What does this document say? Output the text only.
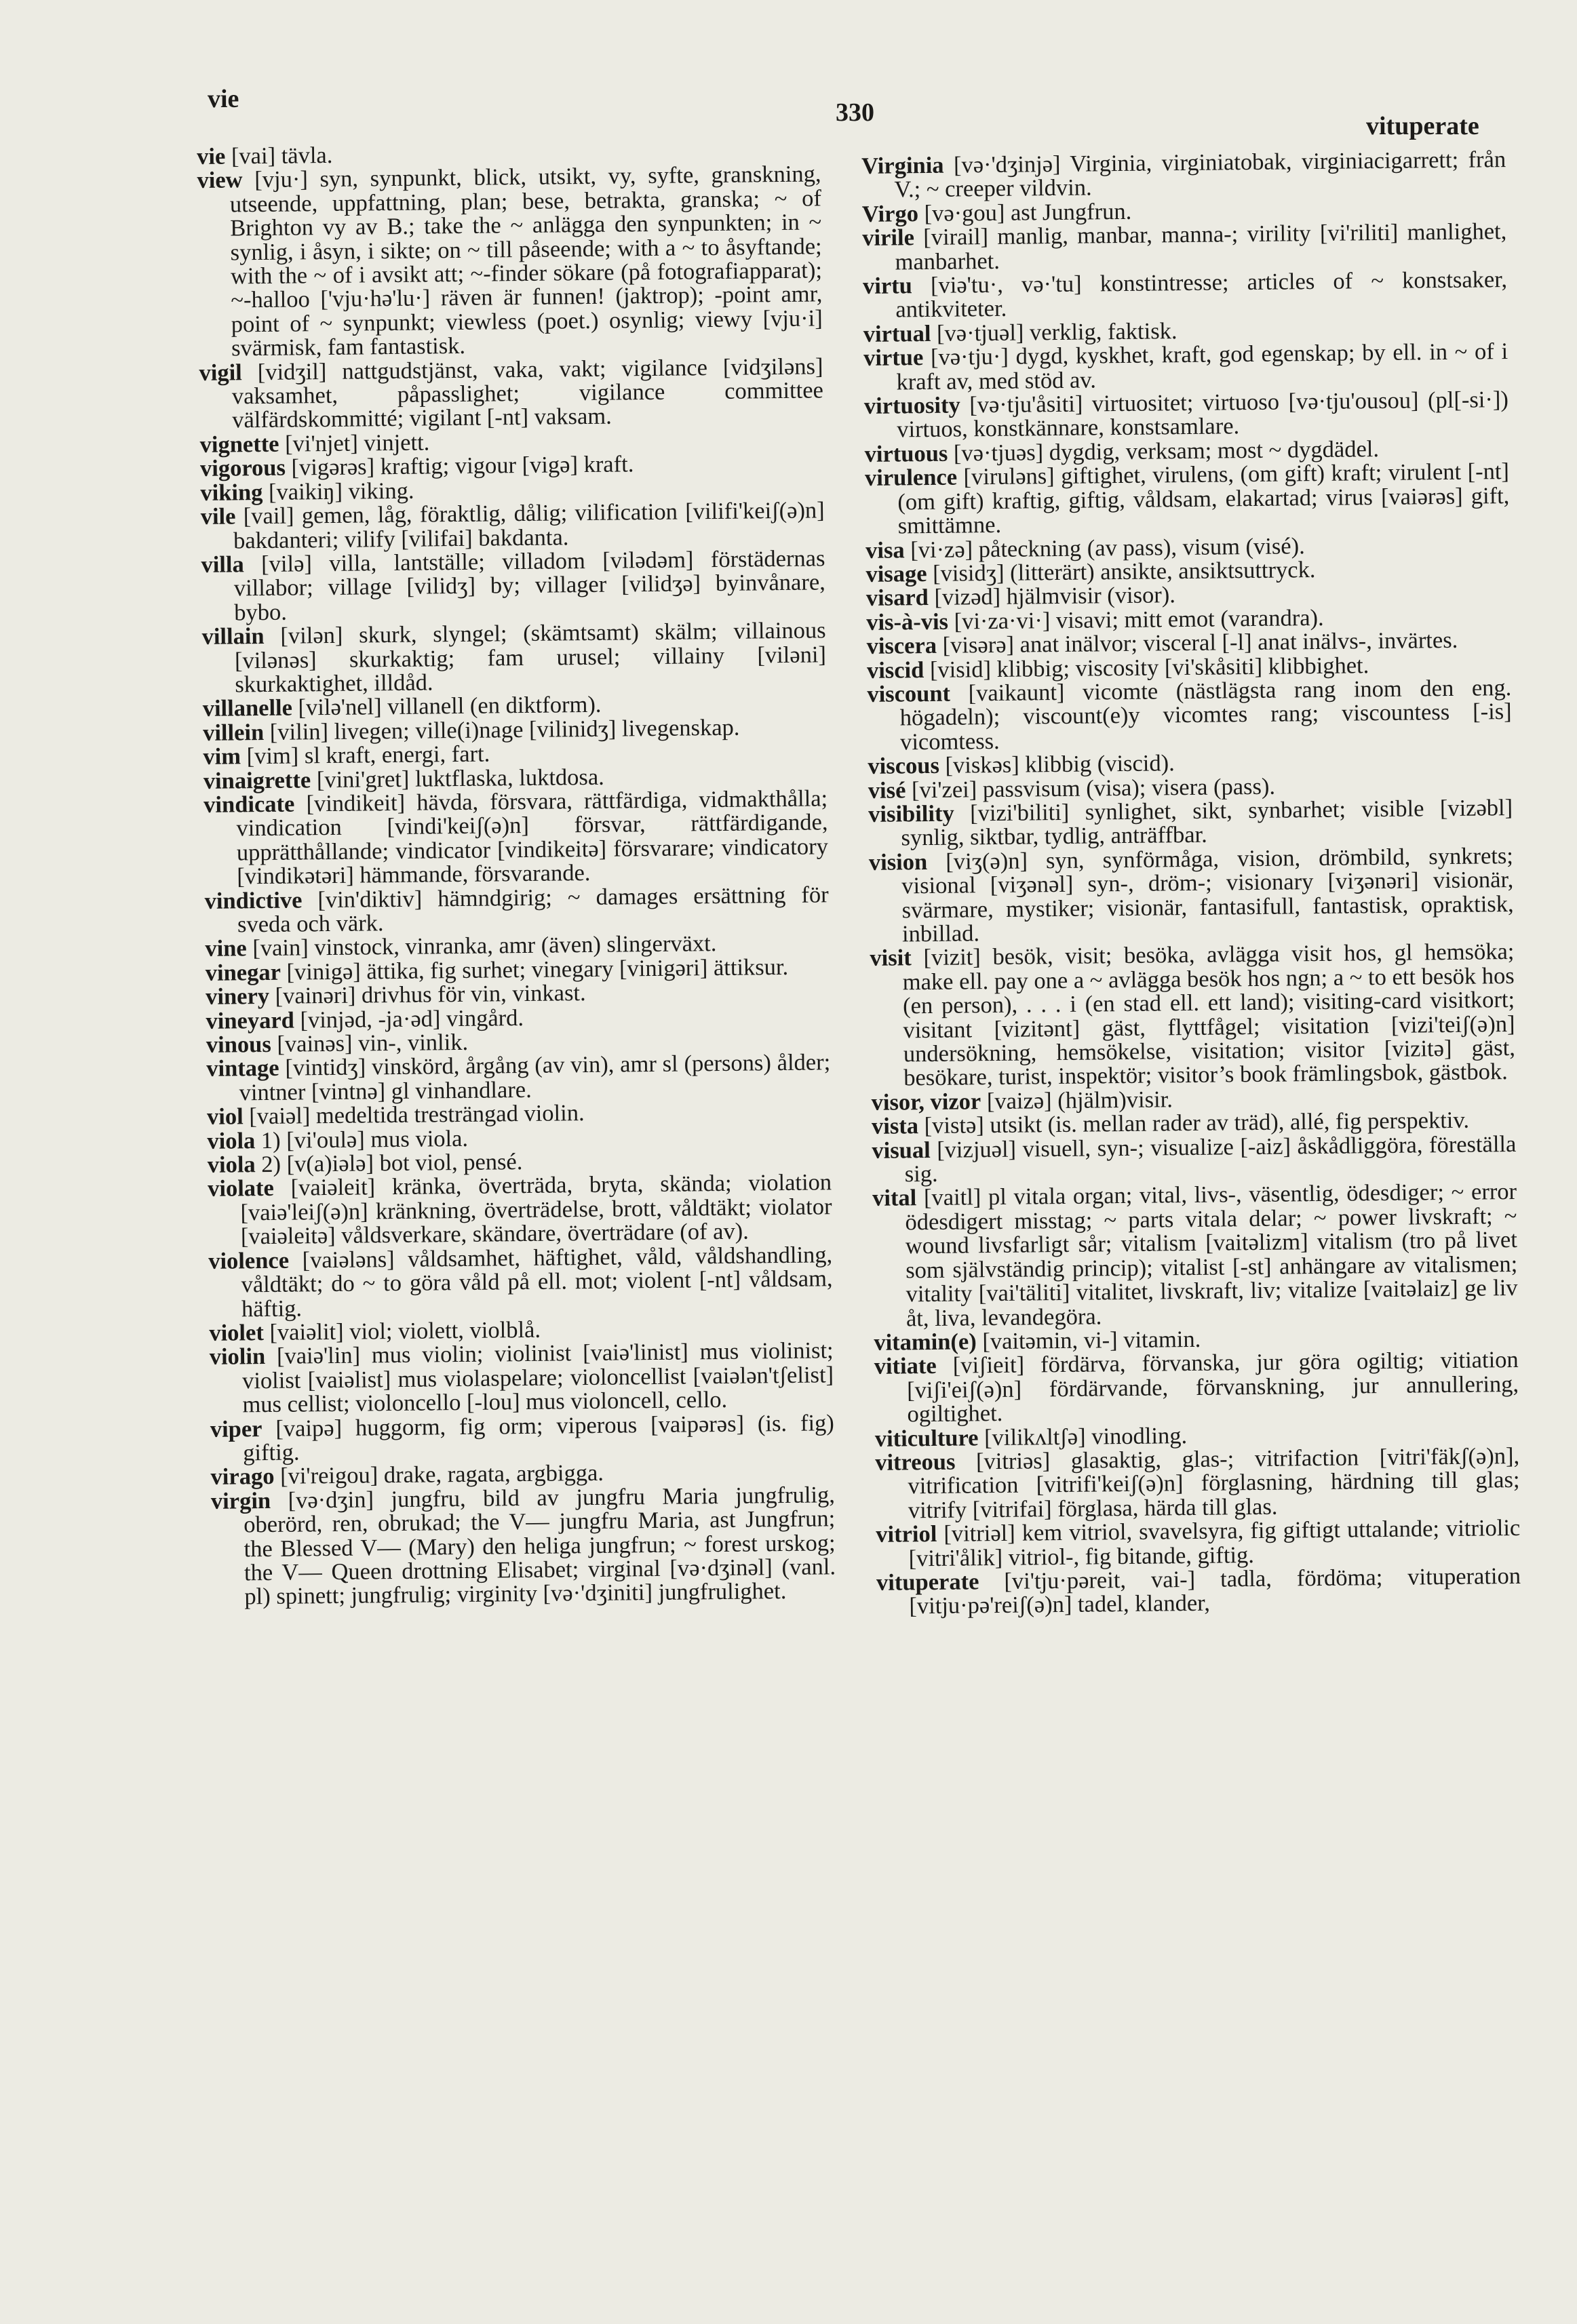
vie	330	vituperate

vie [vai] tävla.

view [vju·] syn, synpunkt, blick, utsikt, vy, syfte, granskning, utseende, uppfattning, plan; bese, betrakta, granska; ~ of Brighton vy av B.; take the ~ anlägga den synpunkten; in ~ synlig, i åsyn, i sikte; on ~ till påseende; with a ~ to åsyftande; with the ~ of i avsikt att; ~-finder sökare (på fotografiapparat); ~-halloo ['vju·hə'lu·] räven är funnen! (jaktrop); -point amr, point of ~ synpunkt; viewless (poet.) osynlig; viewy [vju·i] svärmisk, fam fantastisk.

vigil [vidʒil] nattgudstjänst, vaka, vakt; vigilance [vidʒiləns] vaksamhet, påpasslighet; vigilance committee välfärdskommitté; vigilant [-nt] vaksam.

vignette [vi'njet] vinjett.

vigorous [vigərəs] kraftig; vigour [vigə] kraft.

viking [vaikiŋ] viking.

vile [vail] gemen, låg, föraktlig, dålig; vilification [vilifi'keiʃ(ə)n] bakdanteri; vilify [vilifai] bakdanta.

villa [vilə] villa, lantställe; villadom [vilədəm] förstädernas villabor; village [vilidʒ] by; villager [vilidʒə] byinvånare, bybo.

villain [vilən] skurk, slyngel; (skämtsamt) skälm; villainous [vilənəs] skurkaktig; fam urusel; villainy [viləni] skurkaktighet, illdåd.

villanelle [vilə'nel] villanell (en diktform).

villein [vilin] livegen; ville(i)nage [vilinidʒ] livegenskap.

vim [vim] sl kraft, energi, fart.

vinaigrette [vini'gret] luktflaska, luktdosa.

vindicate [vindikeit] hävda, försvara, rättfärdiga, vidmakthålla; vindication [vindi'keiʃ(ə)n] försvar, rättfärdigande, upprätthållande; vindicator [vindikeitə] försvarare; vindicatory [vindikətəri] hämmande, försvarande.

vindictive [vin'diktiv] hämndgirig; ~ damages ersättning för sveda och värk.

vine [vain] vinstock, vinranka, amr (även) slingerväxt.

vinegar [vinigə] ättika, fig surhet; vinegary [vinigəri] ättiksur.

vinery [vainəri] drivhus för vin, vinkast.

vineyard [vinjəd, -ja·əd] vingård.

vinous [vainəs] vin-, vinlik.

vintage [vintidʒ] vinskörd, årgång (av vin), amr sl (persons) ålder; vintner [vintnə] gl vinhandlare.

viol [vaiəl] medeltida tresträngad violin.

viola 1) [vi'oulə] mus viola.

viola 2) [v(a)iələ] bot viol, pensé.

violate [vaiəleit] kränka, överträda, bryta, skända; violation [vaiə'leiʃ(ə)n] kränkning, överträdelse, brott, våldtäkt; violator [vaiəleitə] våldsverkare, skändare, överträdare (of av).

violence [vaiələns] våldsamhet, häftighet, våld, våldshandling, våldtäkt; do ~ to göra våld på ell. mot; violent [-nt] våldsam, häftig.

violet [vaiəlit] viol; violett, violblå.

violin [vaiə'lin] mus violin; violinist [vaiə'linist] mus violinist; violist [vaiəlist] mus violaspelare; violoncellist [vaiələn'tʃelist] mus cellist; violoncello [-lou] mus violoncell, cello.

viper [vaipə] huggorm, fig orm; viperous [vaipərəs] (is. fig) giftig.

virago [vi'reigou] drake, ragata, argbigga.

virgin [və·dʒin] jungfru, bild av jungfru Maria jungfrulig, oberörd, ren, obrukad; the V— jungfru Maria, ast Jungfrun; the Blessed V— (Mary) den heliga jungfrun; ~ forest urskog; the V— Queen drottning Elisabet; virginal [və·dʒinəl] (vanl. pl) spinett; jungfrulig; virginity [və·'dʒiniti] jungfrulighet.

Virginia [və·'dʒinjə] Virginia, virginiatobak, virginiacigarrett; från V.; ~ creeper vildvin.

Virgo [və·gou] ast Jungfrun.

virile [virail] manlig, manbar, manna-; virility [vi'riliti] manlighet, manbarhet.

virtu [viə'tu·, və·'tu] konstintresse; articles of ~ konstsaker, antikviteter.

virtual [və·tjuəl] verklig, faktisk.

virtue [və·tju·] dygd, kyskhet, kraft, god egenskap; by ell. in ~ of i kraft av, med stöd av.

virtuosity [və·tju'åsiti] virtuositet; virtuoso [və·tju'ousou] (pl[-si·]) virtuos, konstkännare, konstsamlare.

virtuous [və·tjuəs] dygdig, verksam; most ~ dygdädel.

virulence [viruləns] giftighet, virulens, (om gift) kraft; virulent [-nt] (om gift) kraftig, giftig, våldsam, elakartad; virus [vaiərəs] gift, smittämne.

visa [vi·zə] påteckning (av pass), visum (visé).

visage [visidʒ] (litterärt) ansikte, ansiktsuttryck.

visard [vizəd] hjälmvisir (visor).

vis-à-vis [vi·za·vi·] visavi; mitt emot (varandra).

viscera [visərə] anat inälvor; visceral [-l] anat inälvs-, invärtes.

viscid [visid] klibbig; viscosity [vi'skåsiti] klibbighet.

viscount [vaikaunt] vicomte (nästlägsta rang inom den eng. högadeln); viscount(e)y vicomtes rang; viscountess [-is] vicomtess.

viscous [viskəs] klibbig (viscid).

visé [vi'zei] passvisum (visa); visera (pass).

visibility [vizi'biliti] synlighet, sikt, synbarhet; visible [vizəbl] synlig, siktbar, tydlig, anträffbar.

vision [viʒ(ə)n] syn, synförmåga, vision, drömbild, synkrets; visional [viʒənəl] syn-, dröm-; visionary [viʒənəri] visionär, svärmare, mystiker; visionär, fantasifull, fantastisk, opraktisk, inbillad.

visit [vizit] besök, visit; besöka, avlägga visit hos, gl hemsöka; make ell. pay one a ~ avlägga besök hos ngn; a ~ to ett besök hos (en person), . . . i (en stad ell. ett land); visiting-card visitkort; visitant [vizitənt] gäst, flyttfågel; visitation [vizi'teiʃ(ə)n] undersökning, hemsökelse, visitation; visitor [vizitə] gäst, besökare, turist, inspektör; visitor’s book främlingsbok, gästbok.

visor, vizor [vaizə] (hjälm)visir.

vista [vistə] utsikt (is. mellan rader av träd), allé, fig perspektiv.

visual [vizjuəl] visuell, syn-; visualize [-aiz] åskådliggöra, föreställa sig.

vital [vaitl] pl vitala organ; vital, livs-, väsentlig, ödesdiger; ~ error ödesdigert misstag; ~ parts vitala delar; ~ power livskraft; ~ wound livsfarligt sår; vitalism [vaitəlizm] vitalism (tro på livet som självständig princip); vitalist [-st] anhängare av vitalismen; vitality [vai'täliti] vitalitet, livskraft, liv; vitalize [vaitəlaiz] ge liv åt, liva, levandegöra.

vitamin(e) [vaitəmin, vi-] vitamin.

vitiate [viʃieit] fördärva, förvanska, jur göra ogiltig; vitiation [viʃi'eiʃ(ə)n] fördärvande, förvanskning, jur annullering, ogiltighet.

viticulture [vilikʌltʃə] vinodling.

vitreous [vitriəs] glasaktig, glas-; vitrifaction [vitri'fäkʃ(ə)n], vitrification [vitrifi'keiʃ(ə)n] förglasning, härdning till glas; vitrify [vitrifai] förglasa, härda till glas.

vitriol [vitriəl] kem vitriol, svavelsyra, fig giftigt uttalande; vitriolic [vitri'ålik] vitriol-, fig bitande, giftig.

vituperate [vi'tju·pəreit, vai-] tadla, fördöma; vituperation [vitju·pə'reiʃ(ə)n] tadel, klander,
